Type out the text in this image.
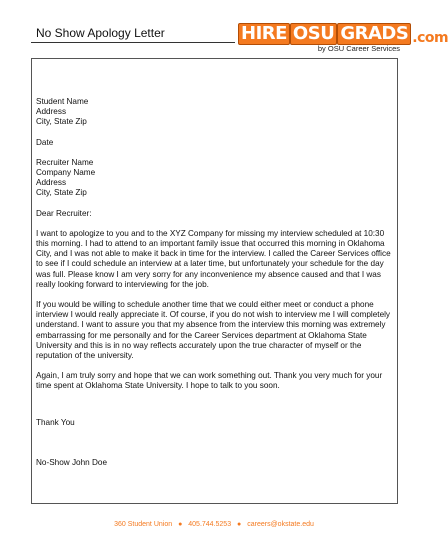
No Show Apology Letter	HIRE OSU GRADS .com
by OSU Career Services
Student Name
Address
City, State Zip
Date
Recruiter Name
Company Name
Address
City, State Zip

Dear Recruiter:

I want to apologize to you and to the XYZ Company for missing my interview scheduled at 10:30 this morning. I had to attend to an important family issue that occurred this morning in Oklahoma City, and I was not able to make it back in time for the interview. I called the Career Services office to see if I could schedule an interview at a later time, but unfortunately your schedule for the day was full. Please know I am very sorry for any inconvenience my absence caused and that I was really looking forward to interviewing for the job.

If you would be willing to schedule another time that we could either meet or conduct a phone interview I would really appreciate it. Of course, if you do not wish to interview me I will completely understand. I want to assure you that my absence from the interview this morning was extremely embarrassing for me personally and for the Career Services department at Oklahoma State University and this is in no way reflects accurately upon the true character of myself or the reputation of the university.

Again, I am truly sorry and hope that we can work something out. Thank you very much for your time spent at Oklahoma State University. I hope to talk to you soon.

Thank You
No-Show John Doe
360 Student Union ● 405.744.5253 ● careers@okstate.edu
